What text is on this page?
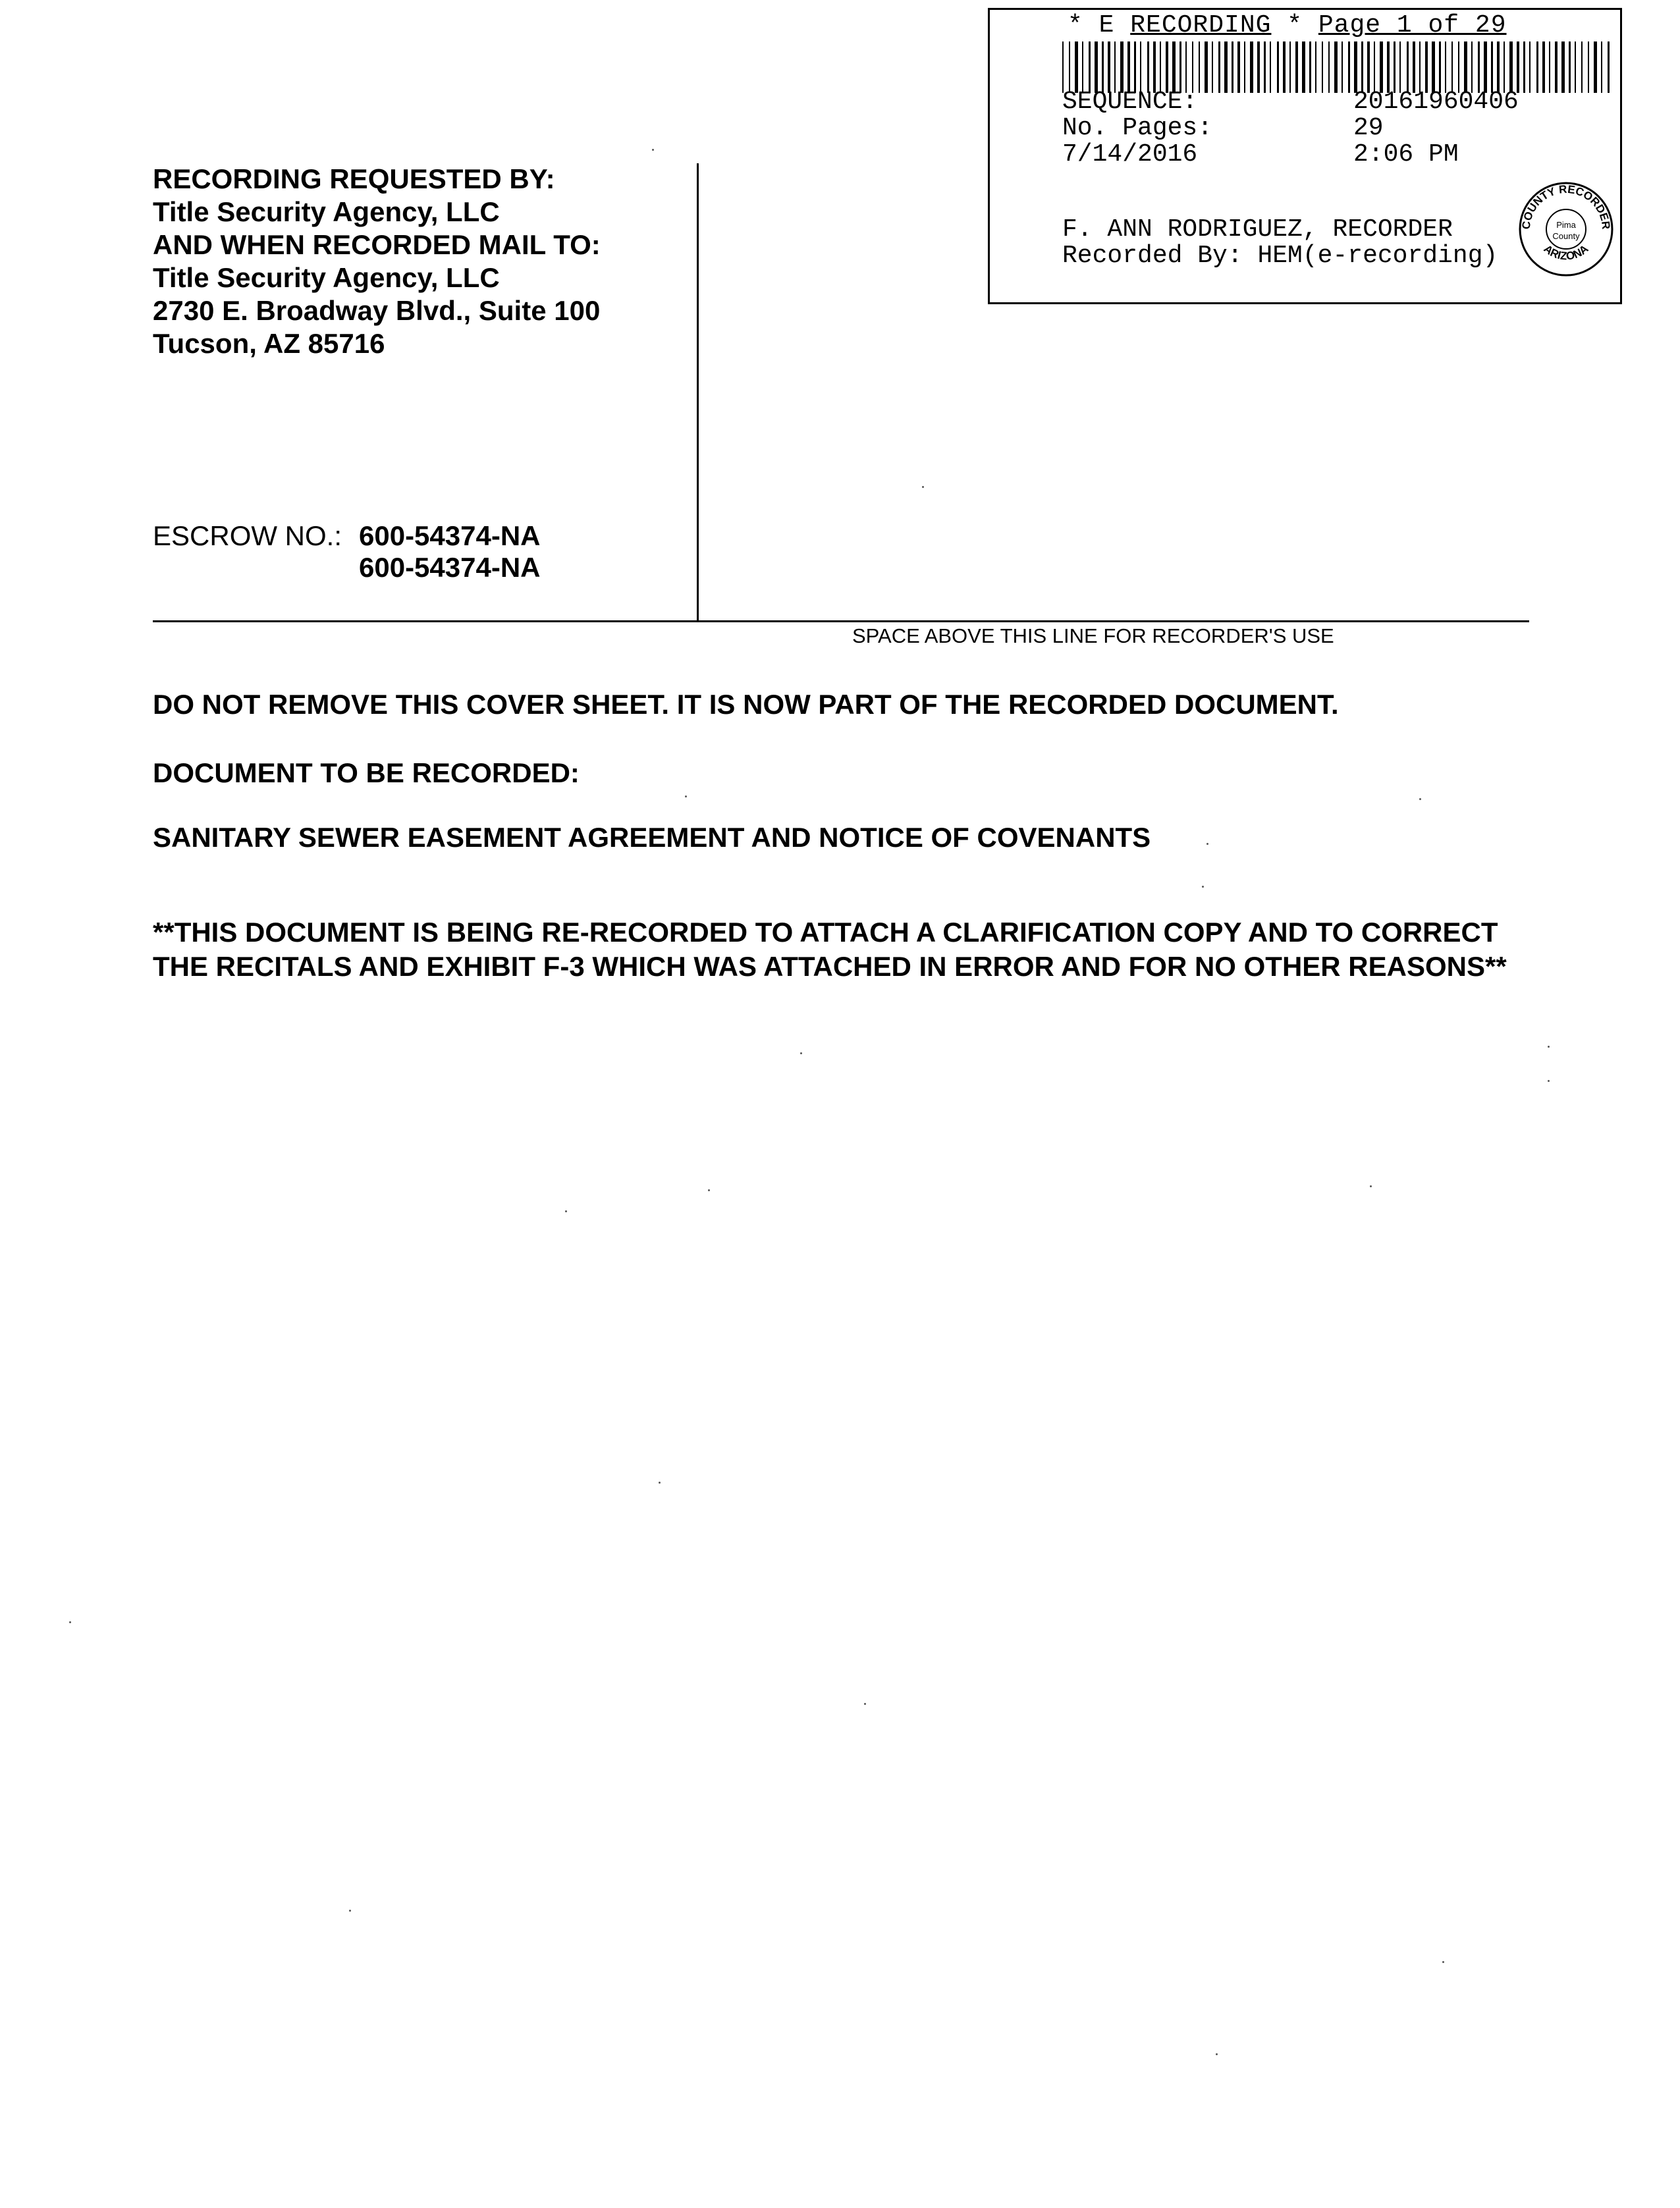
* E RECORDING * Page 1 of 29
SEQUENCE:	20161960406
No. Pages:	29
7/14/2016	2:06 PM
F. ANN RODRIGUEZ, RECORDER
Recorded By: HEM(e-recording)
COUNTY RECORDER
ARIZONA
Pima
County
RECORDING REQUESTED BY:
Title Security Agency, LLC
AND WHEN RECORDED MAIL TO:
Title Security Agency, LLC
2730 E. Broadway Blvd., Suite 100
Tucson, AZ 85716
ESCROW NO.: 600-54374-NA
600-54374-NA
SPACE ABOVE THIS LINE FOR RECORDER'S USE
DO NOT REMOVE THIS COVER SHEET. IT IS NOW PART OF THE RECORDED DOCUMENT.
DOCUMENT TO BE RECORDED:
SANITARY SEWER EASEMENT AGREEMENT AND NOTICE OF COVENANTS
**THIS DOCUMENT IS BEING RE-RECORDED TO ATTACH A CLARIFICATION COPY AND TO CORRECT
THE RECITALS AND EXHIBIT F-3 WHICH WAS ATTACHED IN ERROR AND FOR NO OTHER REASONS**
